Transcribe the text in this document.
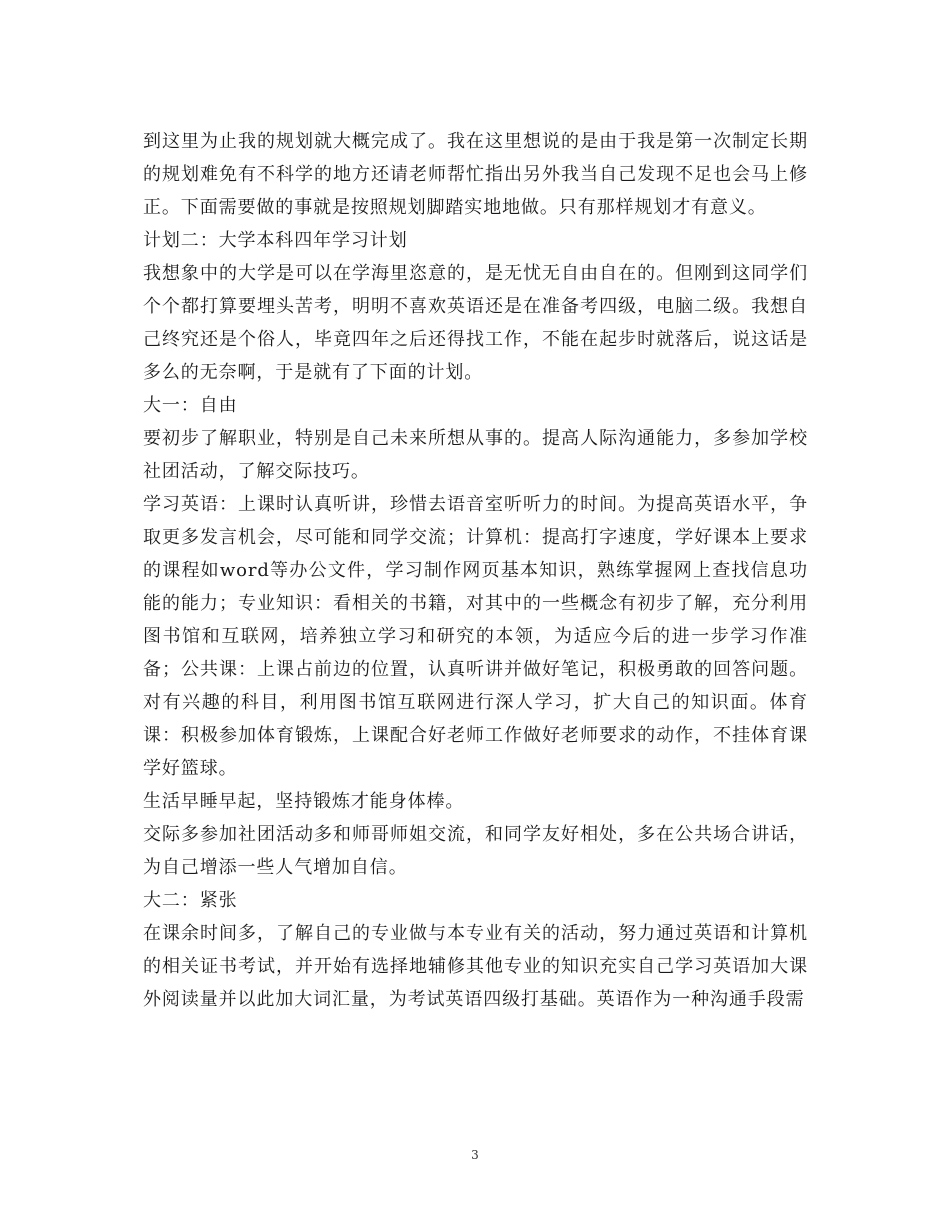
到这里为止我的规划就大概完成了。我在这里想说的是由于我是第一次制定长期的规划难免有不科学的地方还请老师帮忙指出另外我当自己发现不足也会马上修正。下面需要做的事就是按照规划脚踏实地地做。只有那样规划才有意义。

计划二：大学本科四年学习计划

我想象中的大学是可以在学海里恣意的，是无忧无自由自在的。但刚到这同学们个个都打算要埋头苦考，明明不喜欢英语还是在准备考四级，电脑二级。我想自己终究还是个俗人，毕竟四年之后还得找工作，不能在起步时就落后，说这话是多么的无奈啊，于是就有了下面的计划。

大一：自由

要初步了解职业，特别是自己未来所想从事的。提高人际沟通能力，多参加学校社团活动，了解交际技巧。

学习英语：上课时认真听讲，珍惜去语音室听听力的时间。为提高英语水平，争取更多发言机会，尽可能和同学交流；计算机：提高打字速度，学好课本上要求的课程如word等办公文件，学习制作网页基本知识，熟练掌握网上查找信息功能的能力；专业知识：看相关的书籍，对其中的一些概念有初步了解，充分利用图书馆和互联网，培养独立学习和研究的本领，为适应今后的进一步学习作准备；公共课：上课占前边的位置，认真听讲并做好笔记，积极勇敢的回答问题。对有兴趣的科目，利用图书馆互联网进行深人学习，扩大自己的知识面。体育课：积极参加体育锻炼，上课配合好老师工作做好老师要求的动作，不挂体育课学好篮球。

生活早睡早起，坚持锻炼才能身体棒。

交际多参加社团活动多和师哥师姐交流，和同学友好相处，多在公共场合讲话，为自己增添一些人气增加自信。

大二：紧张

在课余时间多，了解自己的专业做与本专业有关的活动，努力通过英语和计算机的相关证书考试，并开始有选择地辅修其他专业的知识充实自己学习英语加大课外阅读量并以此加大词汇量，为考试英语四级打基础。英语作为一种沟通手段需

3
